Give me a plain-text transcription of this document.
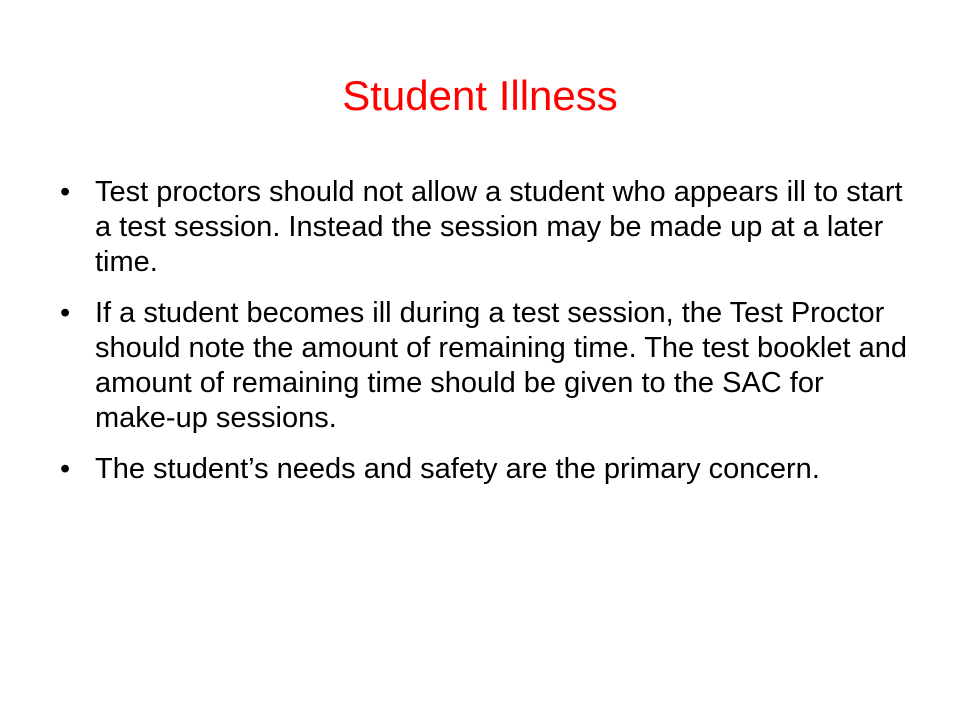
Student Illness
• Test proctors should not allow a student who appears ill to start a test session. Instead the session may be made up at a later time.
• If a student becomes ill during a test session, the Test Proctor should note the amount of remaining time. The test booklet and amount of remaining time should be given to the SAC for make-up sessions.
• The student’s needs and safety are the primary concern.
